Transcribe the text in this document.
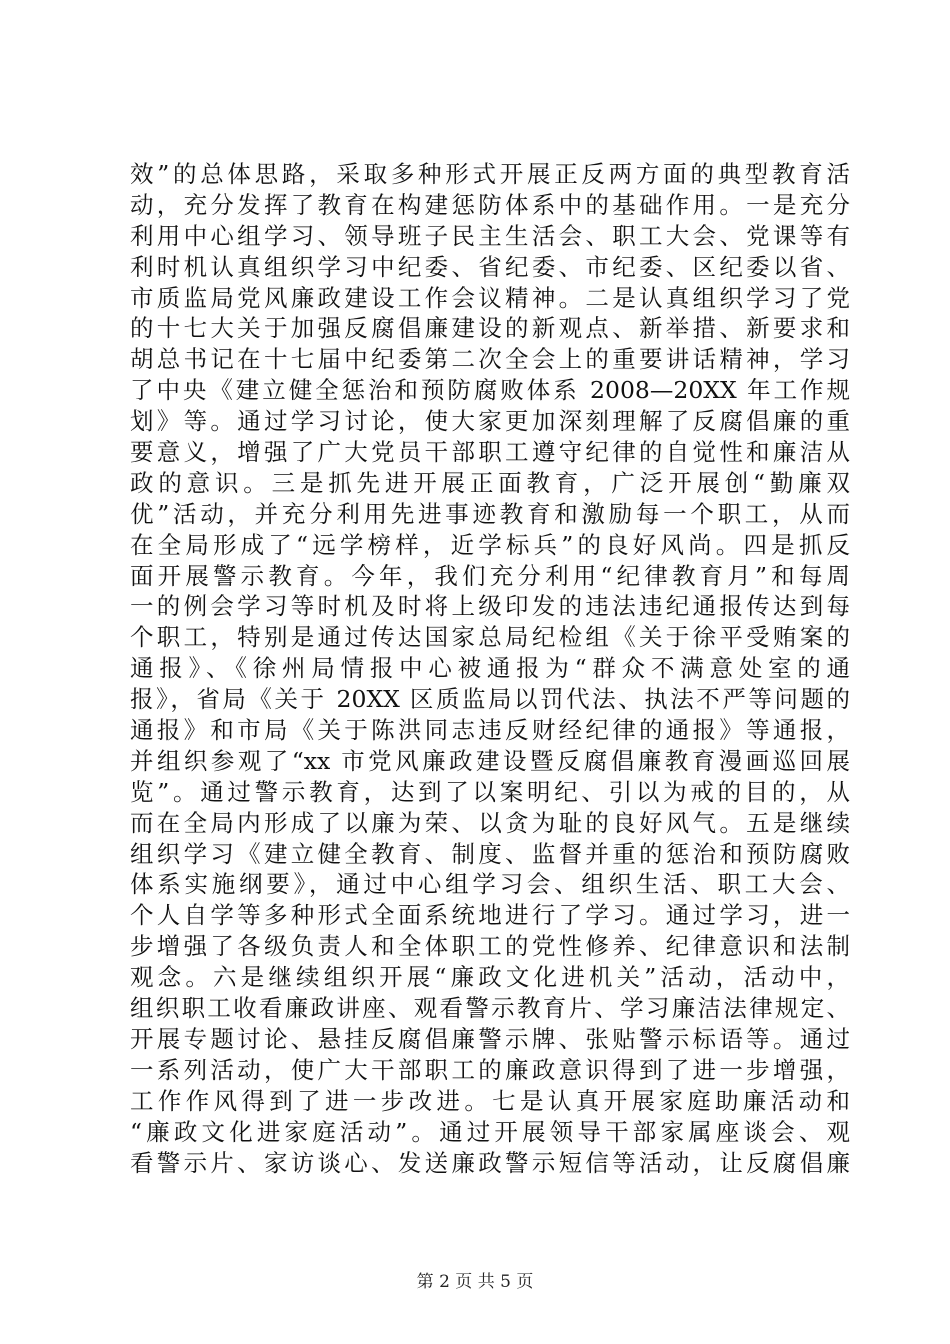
效”的总体思路，采取多种形式开展正反两方面的典型教育活
动，充分发挥了教育在构建惩防体系中的基础作用。一是充分
利用中心组学习、领导班子民主生活会、职工大会、党课等有
利时机认真组织学习中纪委、省纪委、市纪委、区纪委以省、
市质监局党风廉政建设工作会议精神。二是认真组织学习了党
的十七大关于加强反腐倡廉建设的新观点、新举措、新要求和
胡总书记在十七届中纪委第二次全会上的重要讲话精神，学习
了中央《建立健全惩治和预防腐败体系 2008—20XX 年工作规
划》等。通过学习讨论，使大家更加深刻理解了反腐倡廉的重
要意义，增强了广大党员干部职工遵守纪律的自觉性和廉洁从
政的意识。三是抓先进开展正面教育，广泛开展创“勤廉双
优”活动，并充分利用先进事迹教育和激励每一个职工，从而
在全局形成了“远学榜样，近学标兵”的良好风尚。四是抓反
面开展警示教育。今年，我们充分利用“纪律教育月”和每周
一的例会学习等时机及时将上级印发的违法违纪通报传达到每
个职工，特别是通过传达国家总局纪检组《关于徐平受贿案的
通报》、《徐州局情报中心被通报为“群众不满意处室的通
报》，省局《关于 20XX 区质监局以罚代法、执法不严等问题的
通报》和市局《关于陈洪同志违反财经纪律的通报》等通报，
并组织参观了“xx 市党风廉政建设暨反腐倡廉教育漫画巡回展
览”。通过警示教育，达到了以案明纪、引以为戒的目的，从
而在全局内形成了以廉为荣、以贪为耻的良好风气。五是继续
组织学习《建立健全教育、制度、监督并重的惩治和预防腐败
体系实施纲要》，通过中心组学习会、组织生活、职工大会、
个人自学等多种形式全面系统地进行了学习。通过学习，进一
步增强了各级负责人和全体职工的党性修养、纪律意识和法制
观念。六是继续组织开展“廉政文化进机关”活动，活动中，
组织职工收看廉政讲座、观看警示教育片、学习廉洁法律规定、
开展专题讨论、悬挂反腐倡廉警示牌、张贴警示标语等。通过
一系列活动，使广大干部职工的廉政意识得到了进一步增强，
工作作风得到了进一步改进。七是认真开展家庭助廉活动和
“廉政文化进家庭活动”。通过开展领导干部家属座谈会、观
看警示片、家访谈心、发送廉政警示短信等活动，让反腐倡廉
第 2 页 共 5 页
